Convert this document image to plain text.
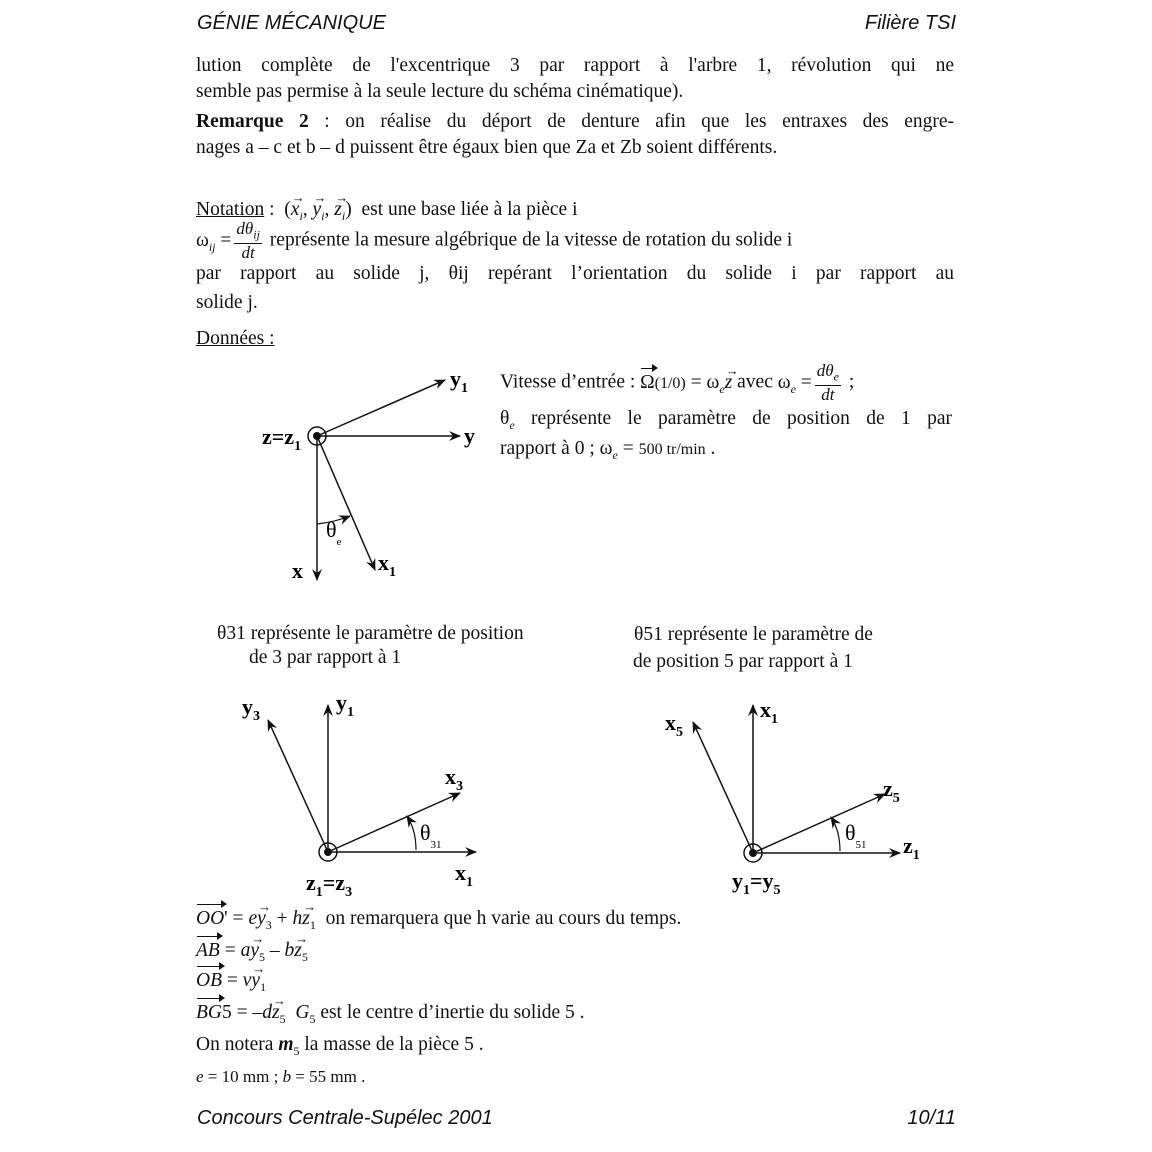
GÉNIE MÉCANIQUE	Filière TSI
lution complète de l'excentrique 3 par rapport à l'arbre 1, révolution qui ne
semble pas permise à la seule lecture du schéma cinématique).
Remarque 2 : on réalise du déport de denture afin que les entraxes des engre-
nages a – c et b – d puissent être égaux bien que Za et Zb soient différents.
Notation :  (→ $x_i$, → $y_i$, → $z_i$) est une base liée à la pièce i
$\omega_{ij} = \frac{d\theta_{ij}}{dt}$ représente la mesure algébrique de la vitesse de rotation du solide i
par rapport au solide j, θij repérant l’orientation du solide i par rapport au
solide j.
Données :
$y_1$
y
$z=z_1$
x	$x_1$
$\theta_e$
Vitesse d’entrée : $\Omega(1/0) = \omega_e\to z$ avec $\omega_e = \frac{d\theta_e}{dt}$ ;
$\theta_e$ représente le paramètre de position de 1 par
rapport à 0 ; $\omega_e = 500$ tr/min .
θ31 représente le paramètre de position
de 3 par rapport à 1
θ51 représente le paramètre de
de position 5 par rapport à 1
$y_3$
$y_1$
$x_3$
$x_1$
$\theta_{31}$
$z_1=z_3$
$x_5$
$x_1$
$z_5$
$z_1$
$\theta_{51}$
$y_1=y_5$
$OO' = e\to y_3 + h\to z_1$ on remarquera que h varie au cours du temps.
AB = $a\to y_5 - b\to z_5$
OB = $v\to y_1$
$BG5 = -d\to z_5$ $G_5$ est le centre d’inertie du solide 5 .
On notera $m_5$ la masse de la pièce 5 .
e = 10 mm ; b = 55 mm .
Concours Centrale-Supélec 2001	10/11
